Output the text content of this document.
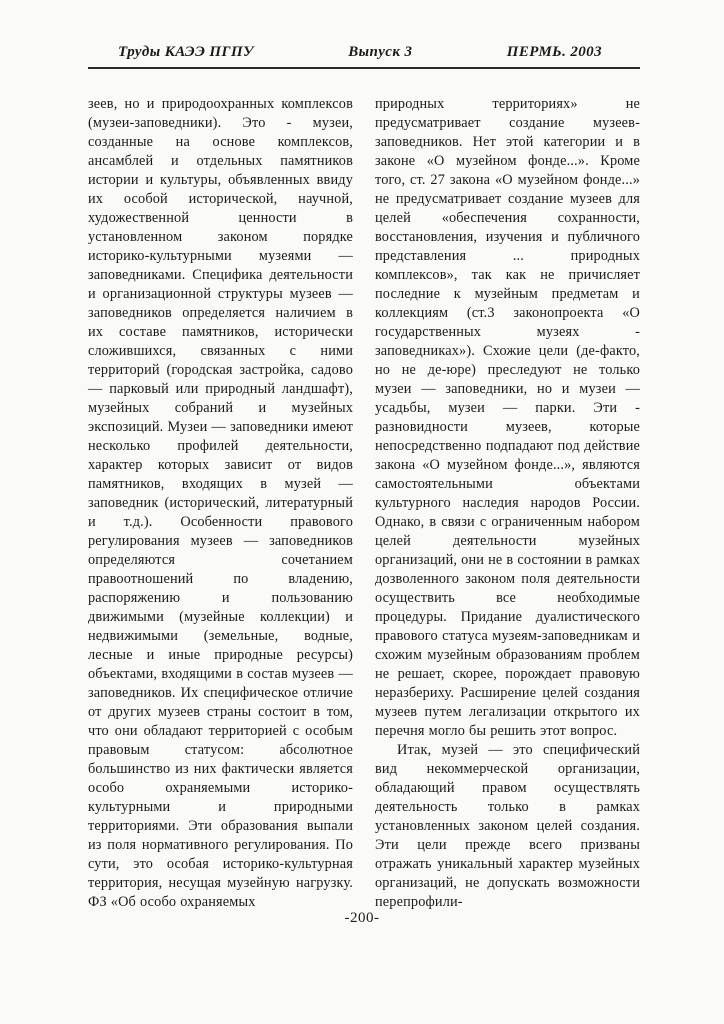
Труды КАЭЭ ПГПУ	Выпуск 3	ПЕРМЬ. 2003

зеев, но и природоохранных комплексов (музеи-заповедники). Это - музеи, созданные на основе комплексов, ансамблей и отдельных памятников истории и культуры, объявленных ввиду их особой исторической, научной, художественной ценности в установленном законом порядке историко-культурными музеями — заповедниками. Специфика деятельности и организационной структуры музеев — заповедников определяется наличием в их составе памятников, исторически сложившихся, связанных с ними территорий (городская застройка, садово— парковый или природный ландшафт), музейных собраний и музейных экспозиций. Музеи — заповедники имеют несколько профилей деятельности, характер которых зависит от видов памятников, входящих в музей — заповедник (исторический, литературный и т.д.). Особенности правового регулирования музеев — заповедников определяются сочетанием правоотношений по владению, распоряжению и пользованию движимыми (музейные коллекции) и недвижимыми (земельные, водные, лесные и иные природные ресурсы) объектами, входящими в состав музеев — заповедников. Их специфическое отличие от других музеев страны состоит в том, что они обладают территорией с особым правовым статусом: абсолютное большинство из них фактически является особо охраняемыми историко-культурными и природными территориями. Эти образования выпали из поля нормативного регулирования. По сути, это особая историко-культурная территория, несущая музейную нагрузку. ФЗ «Об особо охраняемых

природных территориях» не предусматривает создание музеев-заповедников. Нет этой категории и в законе «О музейном фонде...». Кроме того, ст. 27 закона «О музейном фонде...» не предусматривает создание музеев для целей «обеспечения сохранности, восстановления, изучения и публичного представления ... природных комплексов», так как не причисляет последние к музейным предметам и коллекциям (ст.3 законопроекта «О государственных музеях - заповедниках»). Схожие цели (де-факто, но не де-юре) преследуют не только музеи — заповедники, но и музеи —усадьбы, музеи — парки. Эти - разновидности музеев, которые непосредственно подпадают под действие закона «О музейном фонде...», являются самостоятельными объектами культурного наследия народов России. Однако, в связи с ограниченным набором целей деятельности музейных организаций, они не в состоянии в рамках дозволенного законом поля деятельности осуществить все необходимые процедуры. Придание дуалистического правового статуса музеям-заповедникам и схожим музейным образованиям проблем не решает, скорее, порождает правовую неразбериху. Расширение целей создания музеев путем легализации открытого их перечня могло бы решить этот вопрос.

Итак, музей — это специфический вид некоммерческой организации, обладающий правом осуществлять деятельность только в рамках установленных законом целей создания. Эти цели прежде всего призваны отражать уникальный характер музейных организаций, не допускать возможности перепрофили-

-200-
